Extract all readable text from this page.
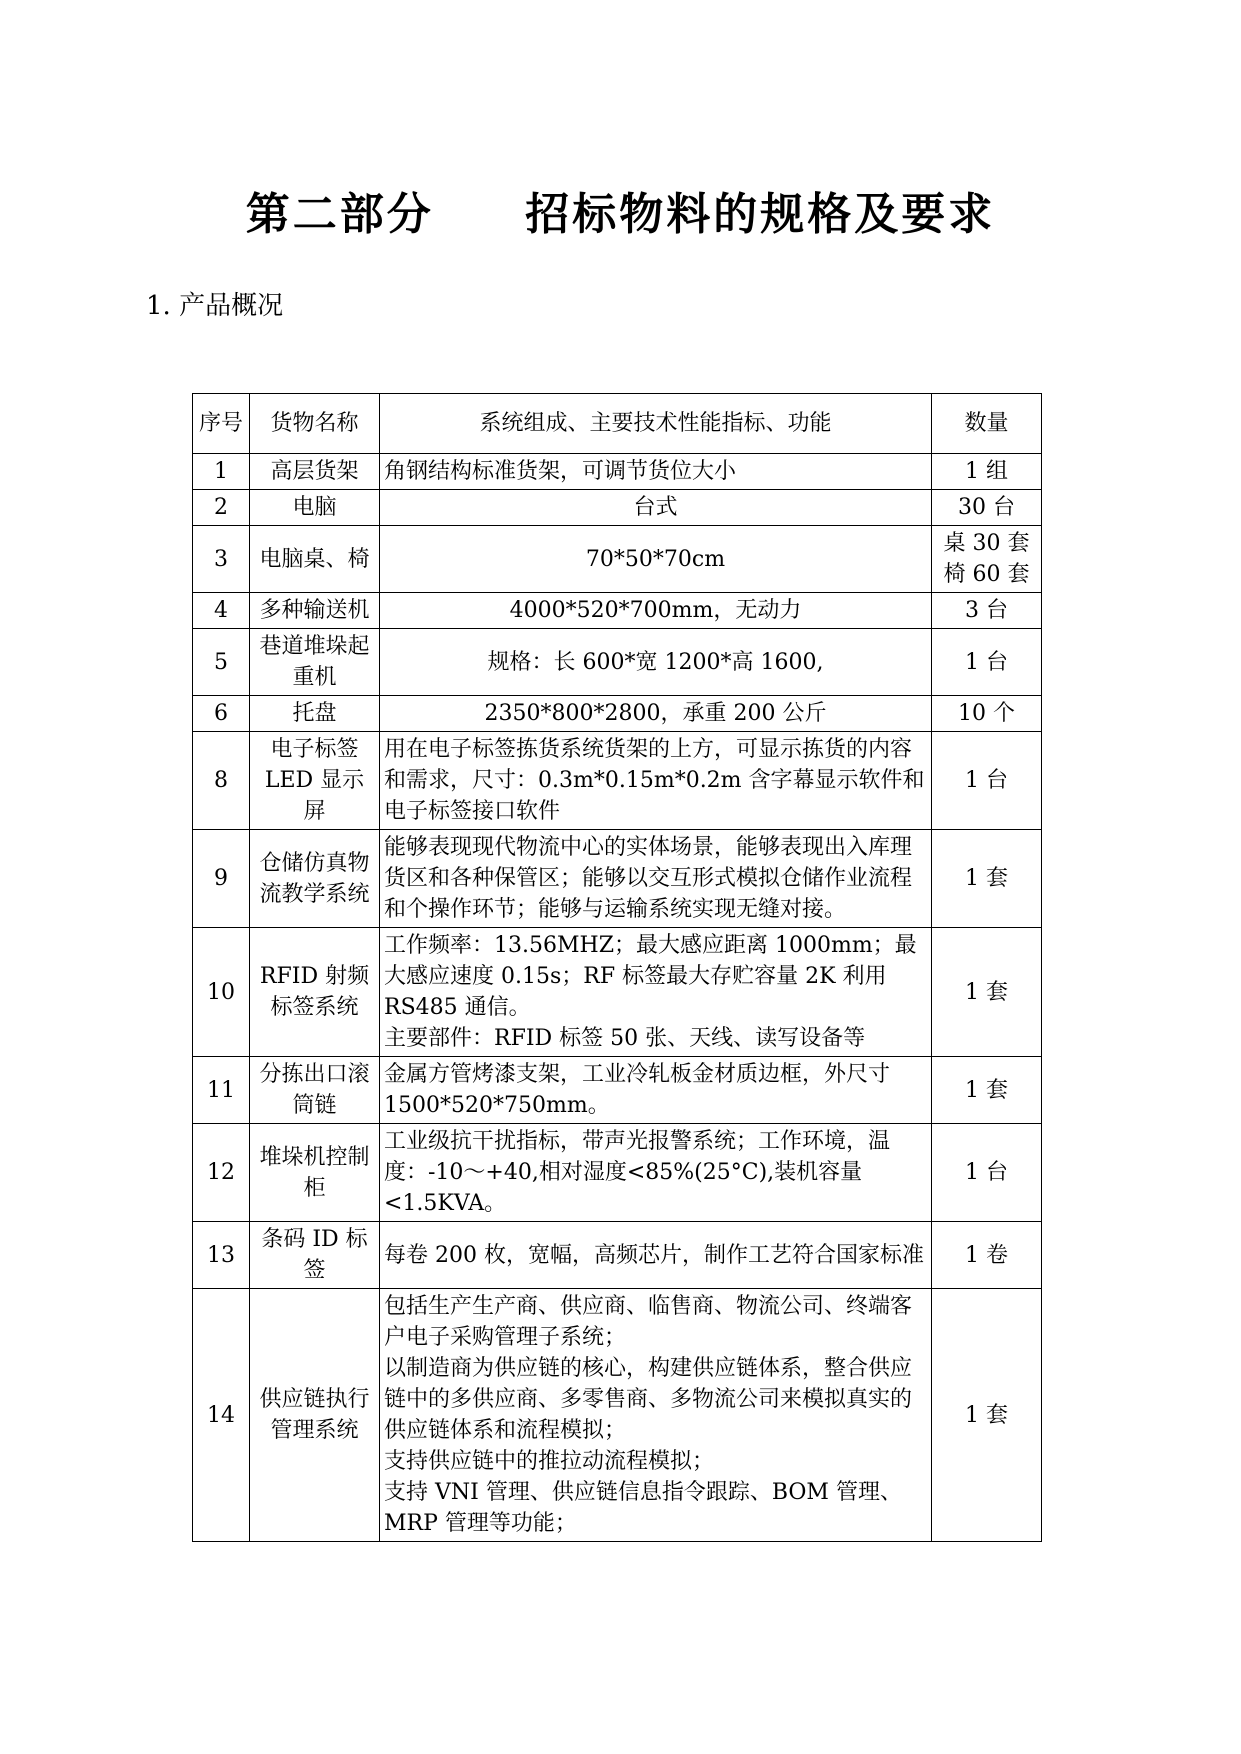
第二部分     招标物料的规格及要求
1. 产品概况
序号	货物名称	系统组成、主要技术性能指标、功能	数量
1	高层货架	角钢结构标准货架，可调节货位大小	1 组

2	电脑	台式	30 台

3	电脑桌、椅	70*50*70cm	桌 30 套
椅 60 套

4	多种输送机	4000*520*700mm，无动力	3 台

5	巷道堆垛起重机	规格：长 600*宽 1200*高 1600,	1 台

6	托盘	2350*800*2800，承重 200 公斤	10 个

8	电子标签 LED 显示屏	用在电子标签拣货系统货架的上方，可显示拣货的内容和需求，尺寸：0.3m*0.15m*0.2m 含字幕显示软件和电子标签接口软件	1 台

9	仓储仿真物流教学系统	能够表现现代物流中心的实体场景，能够表现出入库理货区和各种保管区；能够以交互形式模拟仓储作业流程和个操作环节；能够与运输系统实现无缝对接。	1 套

10	RFID 射频标签系统	工作频率：13.56MHZ；最大感应距离 1000mm；最大感应速度 0.15s；RF 标签最大存贮容量 2K 利用 RS485 通信。
主要部件：RFID 标签 50 张、天线、读写设备等	1 套

11	分拣出口滚筒链	金属方管烤漆支架，工业冷轧板金材质边框，外尺寸 1500*520*750mm。	1 套

12	堆垛机控制柜	工业级抗干扰指标，带声光报警系统；工作环境，温度：-10～+40,相对湿度<85%(25°C),装机容量<1.5KVA。	1 台

13	条码 ID 标签	每卷 200 枚，宽幅，高频芯片，制作工艺符合国家标准	1 卷

14	供应链执行管理系统	包括生产生产商、供应商、临售商、物流公司、终端客户电子采购管理子系统；
以制造商为供应链的核心，构建供应链体系，整合供应链中的多供应商、多零售商、多物流公司来模拟真实的供应链体系和流程模拟；
支持供应链中的推拉动流程模拟；
支持 VNI 管理、供应链信息指令跟踪、BOM 管理、MRP 管理等功能；	1 套
